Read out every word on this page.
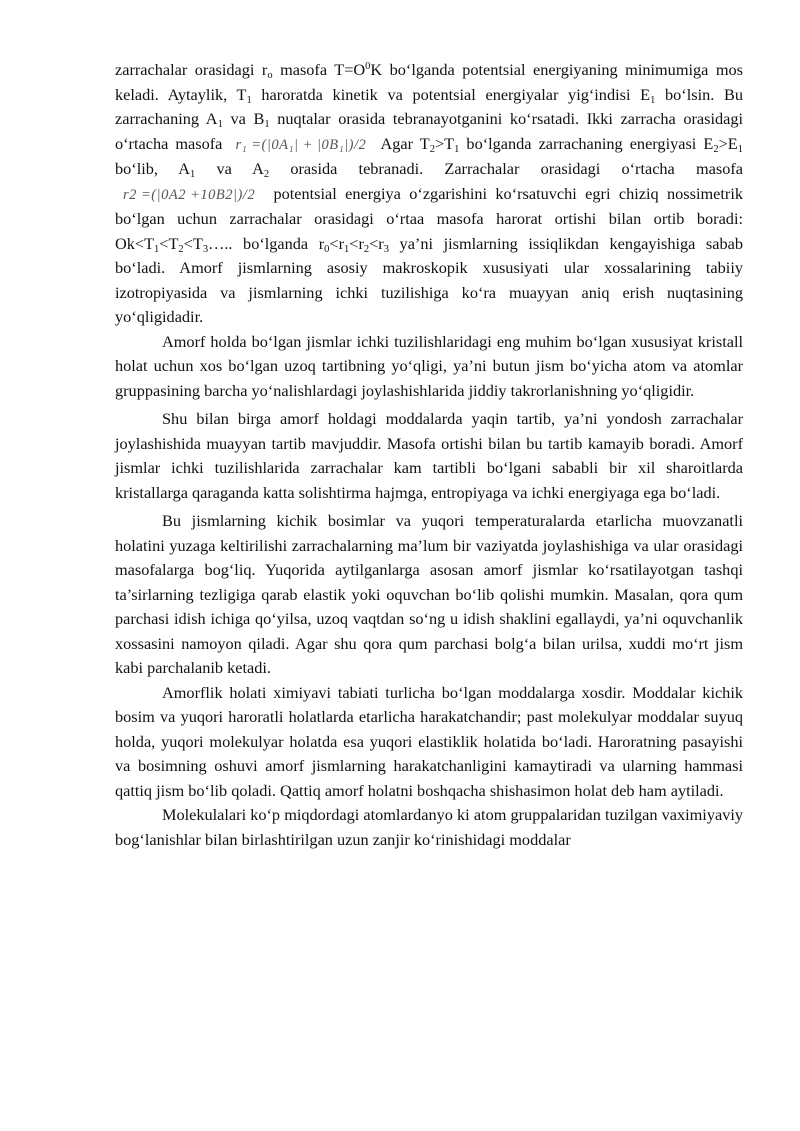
zarrachalar orasidagi $r_o$ masofa $T=O^0K$ bo‘lganda potentsial energiyaning minimumiga mos keladi. Aytaylik, $T_1$ haroratda kinetik va potentsial energiyalar yig‘indisi $E_1$ bo‘lsin. Bu zarrachaning $A_1$ va $B_1$ nuqtalar orasida tebranayotganini ko‘rsatadi. Ikki zarracha orasidagi o‘rtacha masofa r₁ =(|0A₁| + |0B₁|)/2 Agar $T_2>T_1$ bo‘lganda zarrachaning energiyasi $E_2>E_1$ bo‘lib, $A_1$ va $A_2$ orasida tebranadi. Zarrachalar orasidagi o‘rtacha masofa r2 =(|0A2 +10B2|)/2 potentsial energiya o‘zgarishini ko‘rsatuvchi egri chiziq nossimetrik bo‘lgan uchun zarrachalar orasidagi o‘rtaa masofa harorat ortishi bilan ortib boradi: $Ok<T_1<T_2<T_3\dots$.. bo‘lganda $r_0<r_1<r_2<r_3$ ya’ni jismlarning issiqlikdan kengayishiga sabab bo‘ladi. Amorf jismlarning asosiy makroskopik xususiyati ular xossalarining tabiiy izotropiyasida va jismlarning ichki tuzilishiga ko‘ra muayyan aniq erish nuqtasining yo‘qligidadir.

Amorf holda bo‘lgan jismlar ichki tuzilishlaridagi eng muhim bo‘lgan xususiyat kristall holat uchun xos bo‘lgan uzoq tartibning yo‘qligi, ya’ni butun jism bo‘yicha atom va atomlar gruppasining barcha yo‘nalishlardagi joylashishlarida jiddiy takrorlanishning yo‘qligidir.

Shu bilan birga amorf holdagi moddalarda yaqin tartib, ya’ni yondosh zarrachalar joylashishida muayyan tartib mavjuddir. Masofa ortishi bilan bu tartib kamayib boradi. Amorf jismlar ichki tuzilishlarida zarrachalar kam tartibli bo‘lgani sababli bir xil sharoitlarda kristallarga qaraganda katta solishtirma hajmga, entropiyaga va ichki energiyaga ega bo‘ladi.

Bu jismlarning kichik bosimlar va yuqori temperaturalarda etarlicha muovzanatli holatini yuzaga keltirilishi zarrachalarning ma’lum bir vaziyatda joylashishiga va ular orasidagi masofalarga bog‘liq. Yuqorida aytilganlarga asosan amorf jismlar ko‘rsatilayotgan tashqi ta’sirlarning tezligiga qarab elastik yoki oquvchan bo‘lib qolishi mumkin. Masalan, qora qum parchasi idish ichiga qo‘yilsa, uzoq vaqtdan so‘ng u idish shaklini egallaydi, ya’ni oquvchanlik xossasini namoyon qiladi. Agar shu qora qum parchasi bolg‘a bilan urilsa, xuddi mo‘rt jism kabi parchalanib ketadi.

Amorflik holati ximiyavi tabiati turlicha bo‘lgan moddalarga xosdir. Moddalar kichik bosim va yuqori haroratli holatlarda etarlicha harakatchandir; past molekulyar moddalar suyuq holda, yuqori molekulyar holatda esa yuqori elastiklik holatida bo‘ladi. Haroratning pasayishi va bosimning oshuvi amorf jismlarning harakatchanligini kamaytiradi va ularning hammasi qattiq jism bo‘lib qoladi. Qattiq amorf holatni boshqacha shishasimon holat deb ham aytiladi.

Molekulalari ko‘p miqdordagi atomlardanyo ki atom gruppalaridan tuzilgan vaximiyaviy bog‘lanishlar bilan birlashtirilgan uzun zanjir ko‘rinishidagi moddalar
